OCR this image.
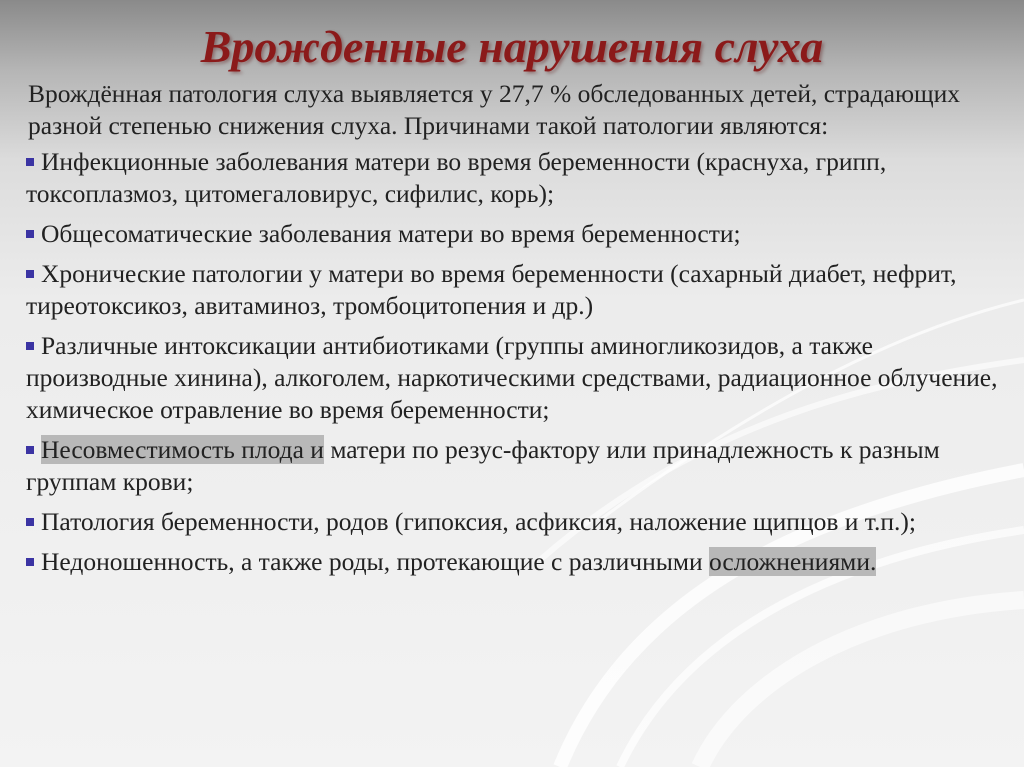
Врожденные нарушения слуха
Врождённая патология слуха выявляется у 27,7 % обследованных детей, страдающих разной степенью снижения слуха. Причинами такой патологии являются:
Инфекционные заболевания матери во время беременности (краснуха, грипп, токсоплазмоз, цитомегаловирус, сифилис, корь);
Общесоматические заболевания матери во время беременности;
Хронические патологии у матери во время беременности (сахарный диабет, нефрит, тиреотоксикоз, авитаминоз, тромбоцитопения и др.)
Различные интоксикации антибиотиками (группы аминогликозидов, а также производные хинина), алкоголем, наркотическими средствами, радиационное облучение, химическое отравление во время беременности;
Несовместимость плода и матери по резус-фактору или принадлежность к разным группам крови;
Патология беременности, родов (гипоксия, асфиксия, наложение щипцов и т.п.);
Недоношенность, а также роды, протекающие с различными осложнениями.
